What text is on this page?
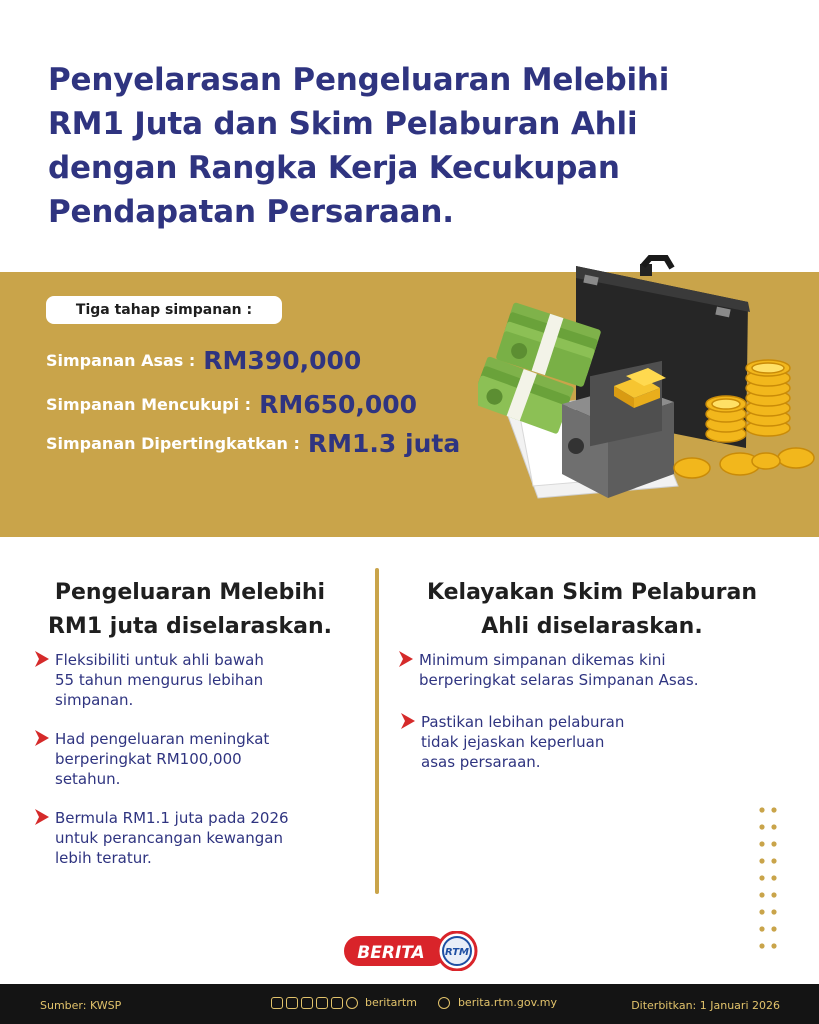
Penyelarasan Pengeluaran Melebihi
RM1 Juta dan Skim Pelaburan Ahli
dengan Rangka Kerja Kecukupan
Pendapatan Persaraan.
Tiga tahap simpanan :
Simpanan Asas : RM390,000
Simpanan Mencukupi : RM650,000
Simpanan Dipertingkatkan : RM1.3 juta
Pengeluaran Melebihi
RM1 juta diselaraskan.
Fleksibiliti untuk ahli bawah
55 tahun mengurus lebihan
simpanan.
Had pengeluaran meningkat
berperingkat RM100,000
setahun.
Bermula RM1.1 juta pada 2026
untuk perancangan kewangan
lebih teratur.
Kelayakan Skim Pelaburan
Ahli diselaraskan.
Minimum simpanan dikemas kini
berperingkat selaras Simpanan Asas.
Pastikan lebihan pelaburan
tidak jejaskan keperluan
asas persaraan.
BERITA RTM
Sumber: KWSP	beritartm	berita.rtm.gov.my	Diterbitkan: 1 Januari 2026
